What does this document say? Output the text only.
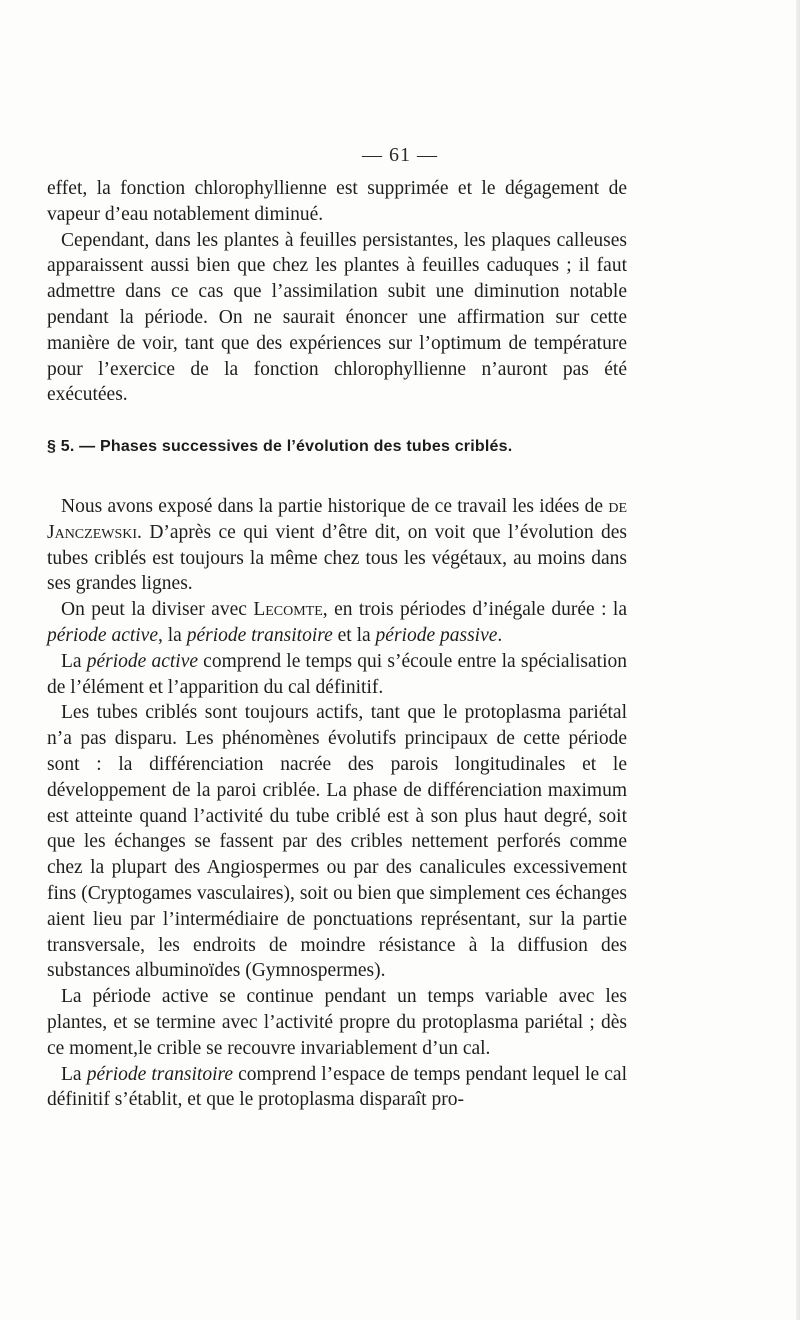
— 61 —

effet, la fonction chlorophyllienne est supprimée et le dégagement de vapeur d’eau notablement diminué.

Cependant, dans les plantes à feuilles persistantes, les plaques calleuses apparaissent aussi bien que chez les plantes à feuilles caduques ; il faut admettre dans ce cas que l’assimilation subit une diminution notable pendant la période. On ne saurait énoncer une affirmation sur cette manière de voir, tant que des expériences sur l’optimum de température pour l’exercice de la fonction chlorophyllienne n’auront pas été exécutées.

§ 5. — Phases successives de l’évolution des tubes criblés.

Nous avons exposé dans la partie historique de ce travail les idées de de Janczewski. D’après ce qui vient d’être dit, on voit que l’évolution des tubes criblés est toujours la même chez tous les végétaux, au moins dans ses grandes lignes.

On peut la diviser avec Lecomte, en trois périodes d’inégale durée : la période active, la période transitoire et la période passive.

La période active comprend le temps qui s’écoule entre la spécialisation de l’élément et l’apparition du cal définitif.

Les tubes criblés sont toujours actifs, tant que le protoplasma pariétal n’a pas disparu. Les phénomènes évolutifs principaux de cette période sont : la différenciation nacrée des parois longitudinales et le développement de la paroi criblée. La phase de différenciation maximum est atteinte quand l’activité du tube criblé est à son plus haut degré, soit que les échanges se fassent par des cribles nettement perforés comme chez la plupart des Angiospermes ou par des canalicules excessivement fins (Cryptogames vasculaires), soit ou bien que simplement ces échanges aient lieu par l’intermédiaire de ponctuations représentant, sur la partie transversale, les endroits de moindre résistance à la diffusion des substances albuminoïdes (Gymnospermes).

La période active se continue pendant un temps variable avec les plantes, et se termine avec l’activité propre du protoplasma pariétal ; dès ce moment,le crible se recouvre invariablement d’un cal.

La période transitoire comprend l’espace de temps pendant lequel le cal définitif s’établit, et que le protoplasma disparaît pro-
